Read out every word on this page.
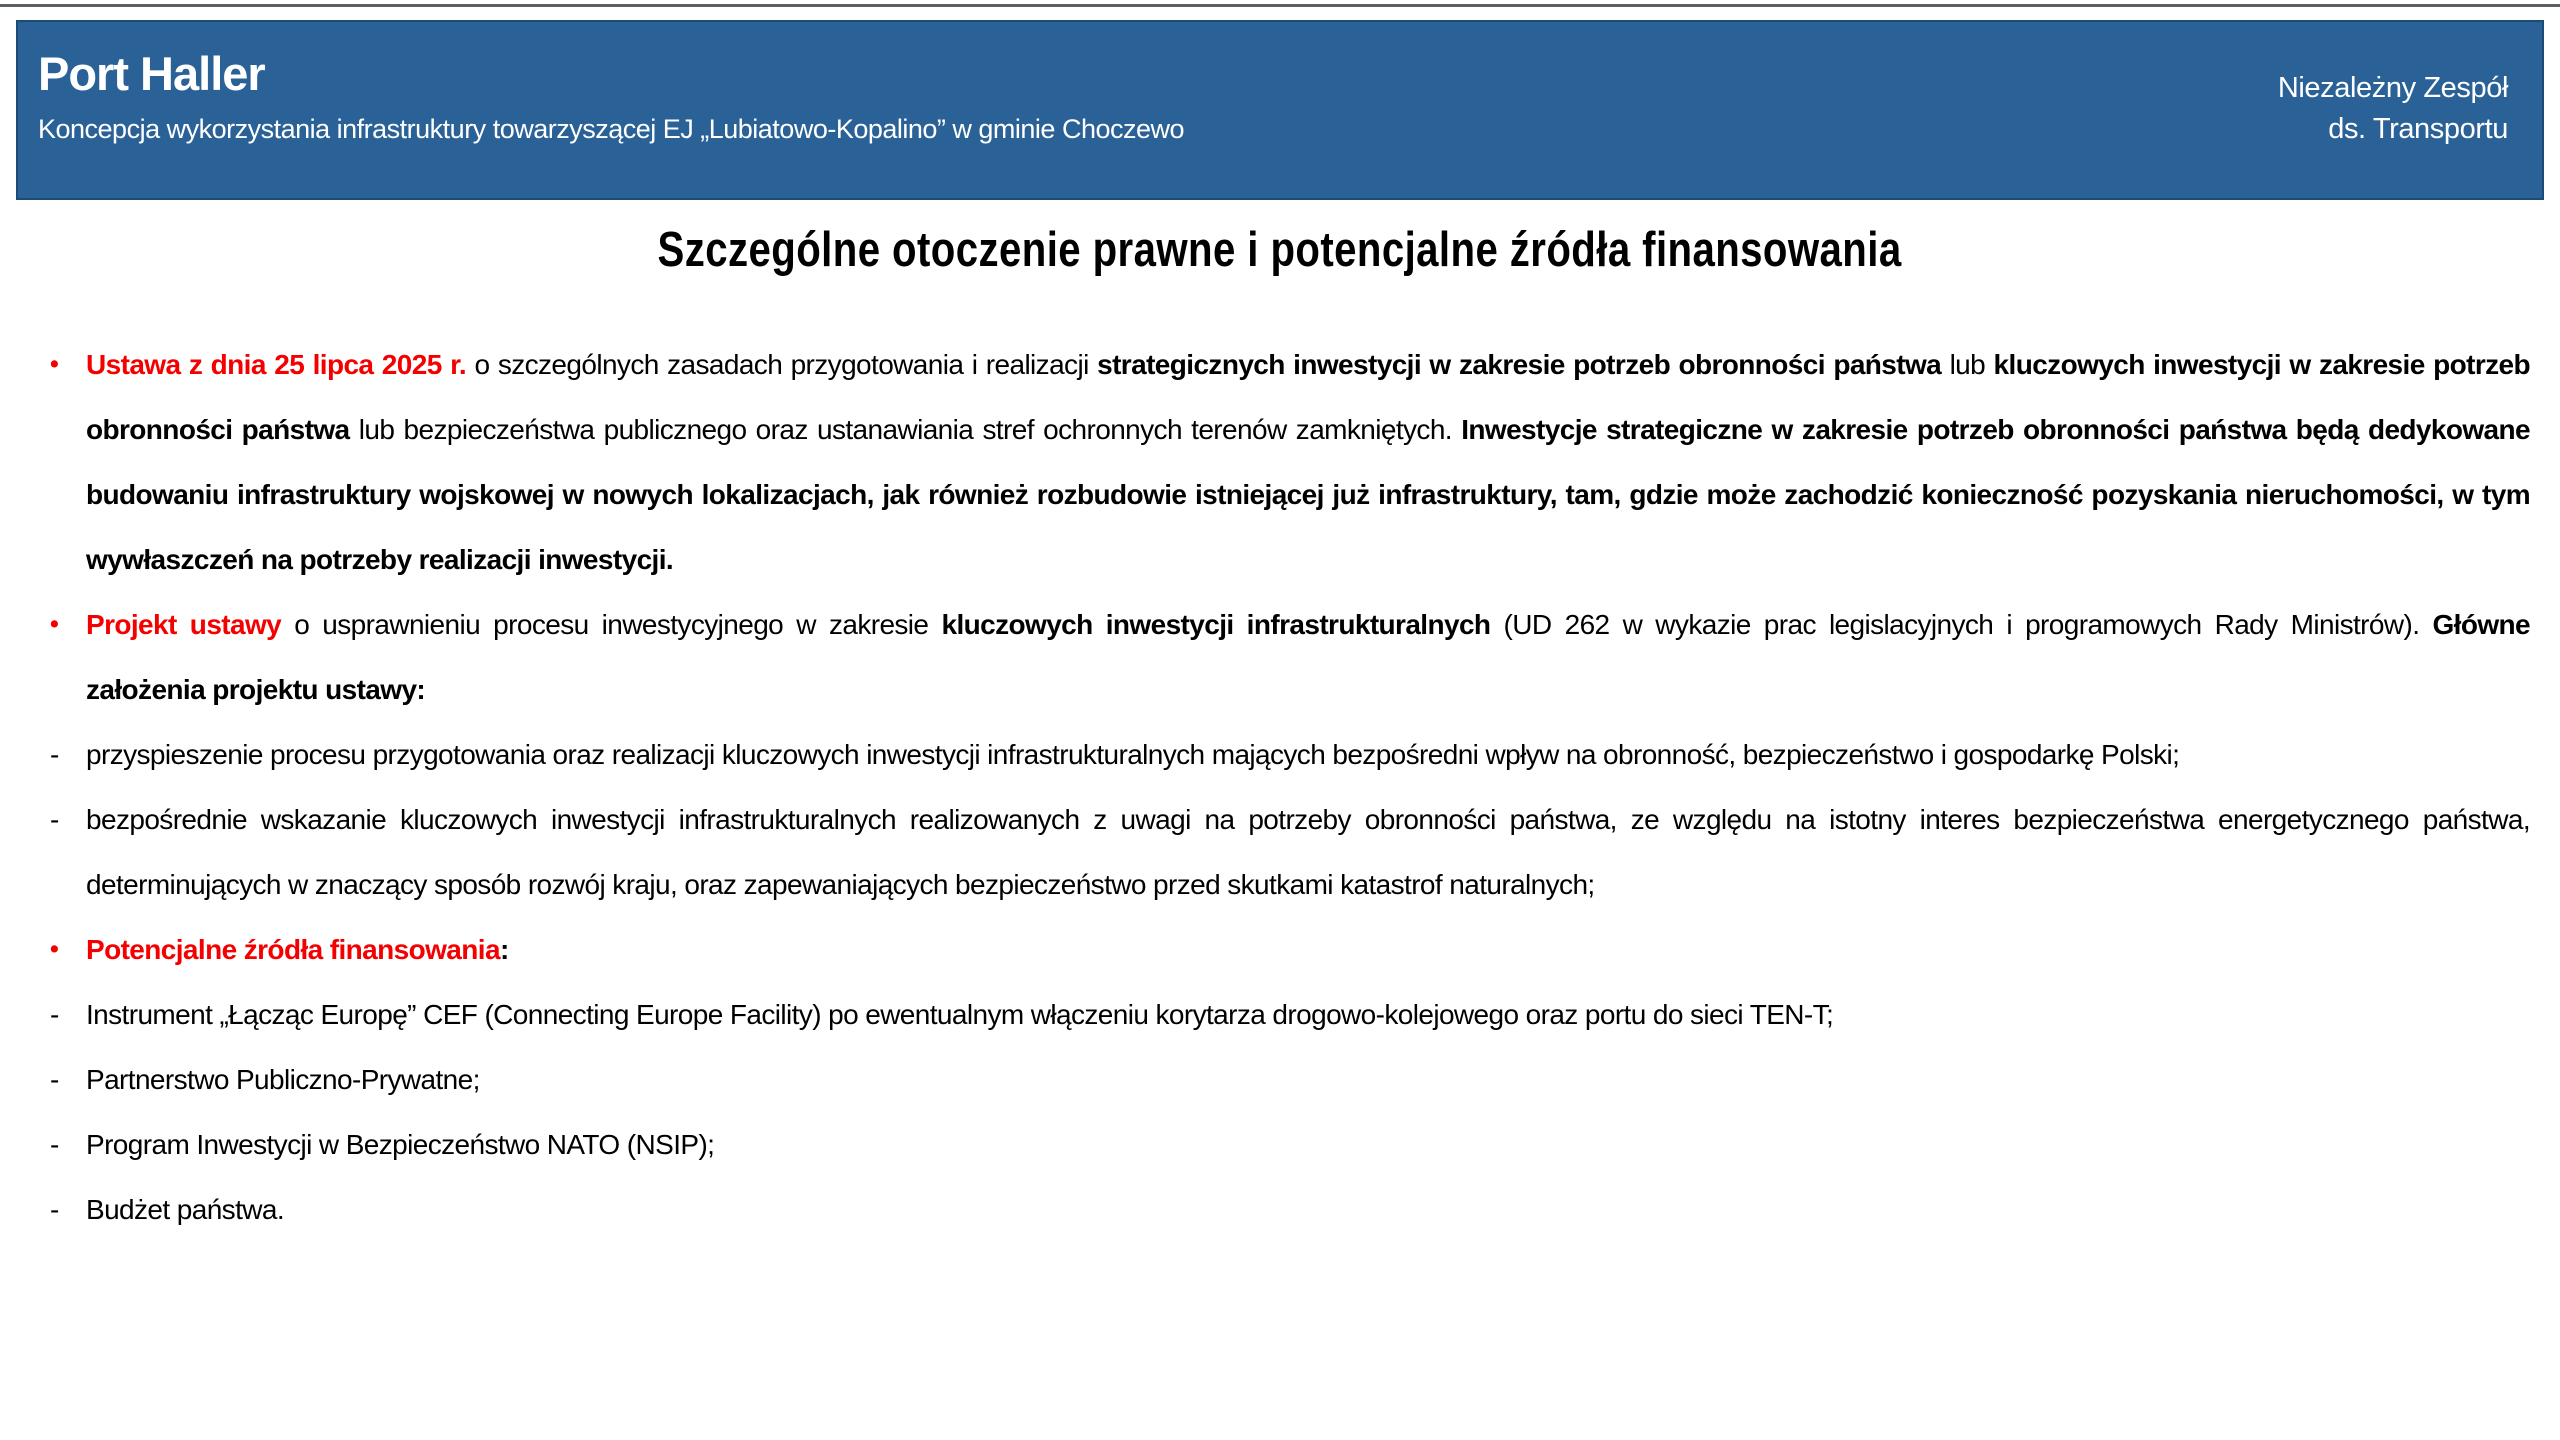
Port Haller
Koncepcja wykorzystania infrastruktury towarzyszącej EJ „Lubiatowo-Kopalino” w gminie Choczewo
Niezależny Zespół
ds. Transportu
Szczególne otoczenie prawne i potencjalne źródła finansowania
• Ustawa z dnia 25 lipca 2025 r. o szczególnych zasadach przygotowania i realizacji strategicznych inwestycji w zakresie potrzeb obronności państwa lub kluczowych inwestycji w zakresie potrzeb obronności państwa lub bezpieczeństwa publicznego oraz ustanawiania stref ochronnych terenów zamkniętych. Inwestycje strategiczne w zakresie potrzeb obronności państwa będą dedykowane budowaniu infrastruktury wojskowej w nowych lokalizacjach, jak również rozbudowie istniejącej już infrastruktury, tam, gdzie może zachodzić konieczność pozyskania nieruchomości, w tym wywłaszczeń na potrzeby realizacji inwestycji.
• Projekt ustawy o usprawnieniu procesu inwestycyjnego w zakresie kluczowych inwestycji infrastrukturalnych (UD 262 w wykazie prac legislacyjnych i programowych Rady Ministrów). Główne założenia projektu ustawy:
- przyspieszenie procesu przygotowania oraz realizacji kluczowych inwestycji infrastrukturalnych mających bezpośredni wpływ na obronność, bezpieczeństwo i gospodarkę Polski;
- bezpośrednie wskazanie kluczowych inwestycji infrastrukturalnych realizowanych z uwagi na potrzeby obronności państwa, ze względu na istotny interes bezpieczeństwa energetycznego państwa, determinujących w znaczący sposób rozwój kraju, oraz zapewaniających bezpieczeństwo przed skutkami katastrof naturalnych;
• Potencjalne źródła finansowania:
- Instrument „Łącząc Europę” CEF (Connecting Europe Facility) po ewentualnym włączeniu korytarza drogowo-kolejowego oraz portu do sieci TEN-T;
- Partnerstwo Publiczno-Prywatne;
- Program Inwestycji w Bezpieczeństwo NATO (NSIP);
- Budżet państwa.
